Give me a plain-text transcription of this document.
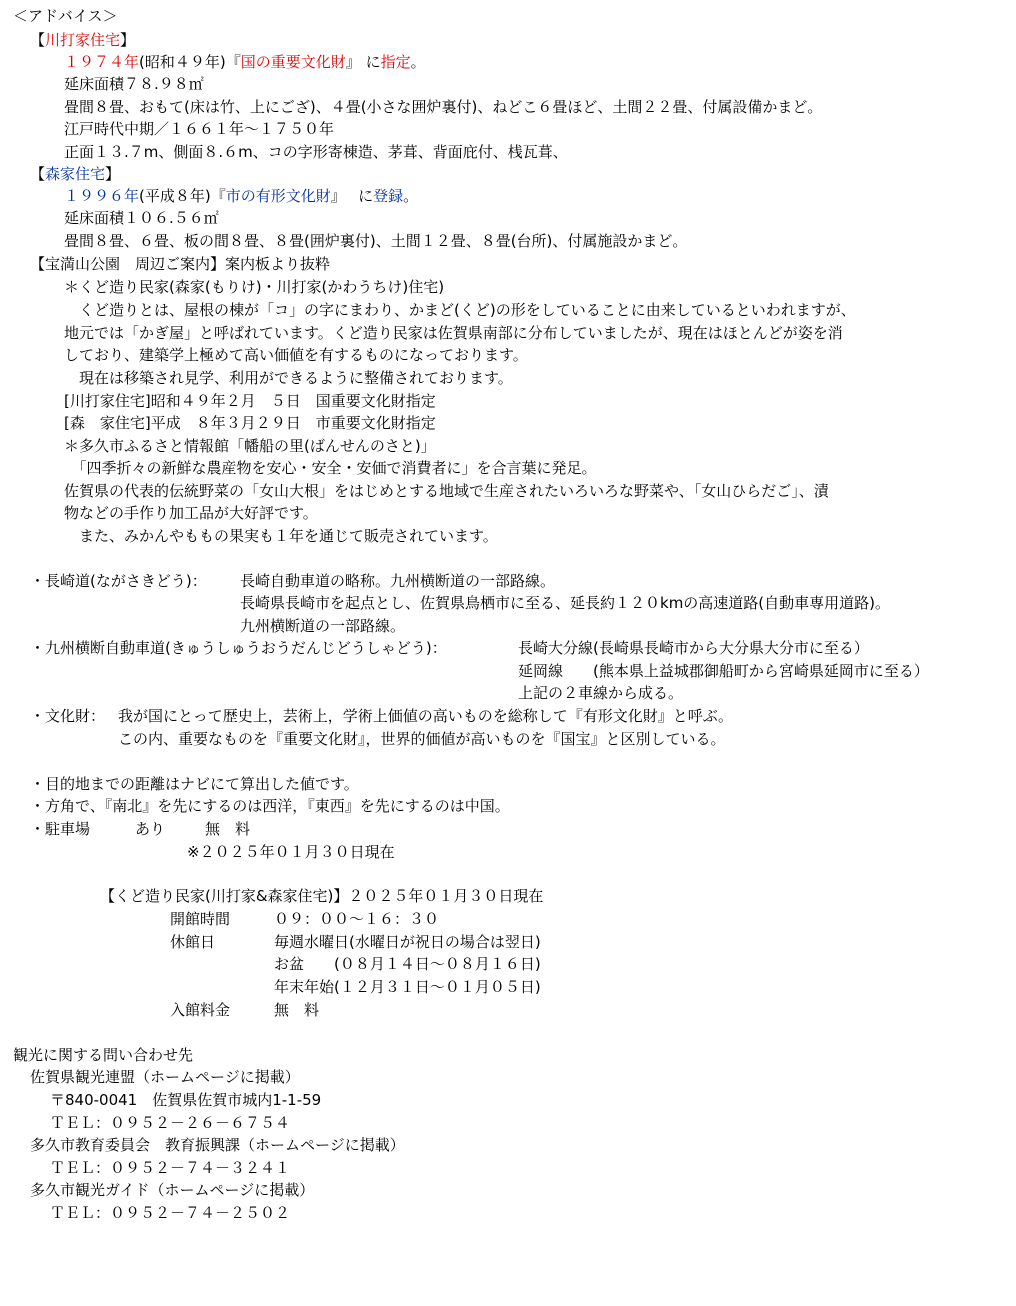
＜アドバイス＞
【川打家住宅】
１９７４年(昭和４９年)『国の重要文化財』 に指定。
延床面積７８.９８㎡
畳間８畳、おもて(床は竹、上にござ)、４畳(小さな囲炉裏付)、ねどこ６畳ほど、土間２２畳、付属設備かまど。
江戸時代中期／１６６１年～１７５０年
正面１３.７m、側面８.６m、コの字形寄棟造、茅葺、背面庇付、桟瓦葺、
【森家住宅】
１９９６年(平成８年)『市の有形文化財』　 に登録。
延床面積１０６.５６㎡
畳間８畳、６畳、板の間８畳、８畳(囲炉裏付)、土間１２畳、８畳(台所)、付属施設かまど。
【宝満山公園　周辺ご案内】案内板より抜粋
＊くど造り民家(森家(もりけ)・川打家(かわうちけ)住宅)
　くど造りとは、屋根の棟が「コ」の字にまわり、かまど(くど)の形をしていることに由来しているといわれますが、
地元では「かぎ屋」と呼ばれています。くど造り民家は佐賀県南部に分布していましたが、現在はほとんどが姿を消
しており、建築学上極めて高い価値を有するものになっております。
　現在は移築され見学、利用ができるように整備されております。
[川打家住宅]昭和４９年２月　５日　国重要文化財指定
[森　家住宅]平成　８年３月２９日　市重要文化財指定
＊多久市ふるさと情報館「幡船の里(ばんせんのさと)」
　「四季折々の新鮮な農産物を安心・安全・安価で消費者に」を合言葉に発足。
佐賀県の代表的伝統野菜の「女山大根」をはじめとする地域で生産されたいろいろな野菜や、「女山ひらだご」、漬
物などの手作り加工品が大好評です。
　また、みかんやももの果実も１年を通じて販売されています。
・長崎道(ながさきどう)： 長崎自動車道の略称。九州横断道の一部路線。
長崎県長崎市を起点とし、佐賀県鳥栖市に至る、延長約１２０kmの高速道路(自動車専用道路)。
九州横断道の一部路線。
・九州横断自動車道(きゅうしゅうおうだんじどうしゃどう)：	長崎大分線(長崎県長崎市から大分県大分市に至る）
延岡線　　(熊本県上益城郡御船町から宮崎県延岡市に至る）
上記の２車線から成る。
・文化財： 我が国にとって歴史上，芸術上，学術上価値の高いものを総称して『有形文化財』と呼ぶ。
この内、重要なものを『重要文化財』，世界的価値が高いものを『国宝』と区別している。
・目的地までの距離はナビにて算出した値です。
・方角で、『南北』を先にするのは西洋，『東西』を先にするのは中国。
・駐車場	あり	無　料
※２０２５年０１月３０日現在
【くど造り民家(川打家&森家住宅)】２０２５年０１月３０日現在
開館時間	０９：００～１６：３０
休館日	毎週水曜日(水曜日が祝日の場合は翌日)
お盆　　(０８月１４日～０８月１６日)
年末年始(１２月３１日～０１月０５日)
入館料金	無　料
観光に関する問い合わせ先
佐賀県観光連盟（ホームページに掲載）
〒840-0041　佐賀県佐賀市城内1-1-59
ＴＥＬ：０９５２－２６－６７５４
多久市教育委員会　教育振興課（ホームページに掲載）
ＴＥＬ：０９５２－７４－３２４１
多久市観光ガイド（ホームページに掲載）
ＴＥＬ：０９５２－７４－２５０２
